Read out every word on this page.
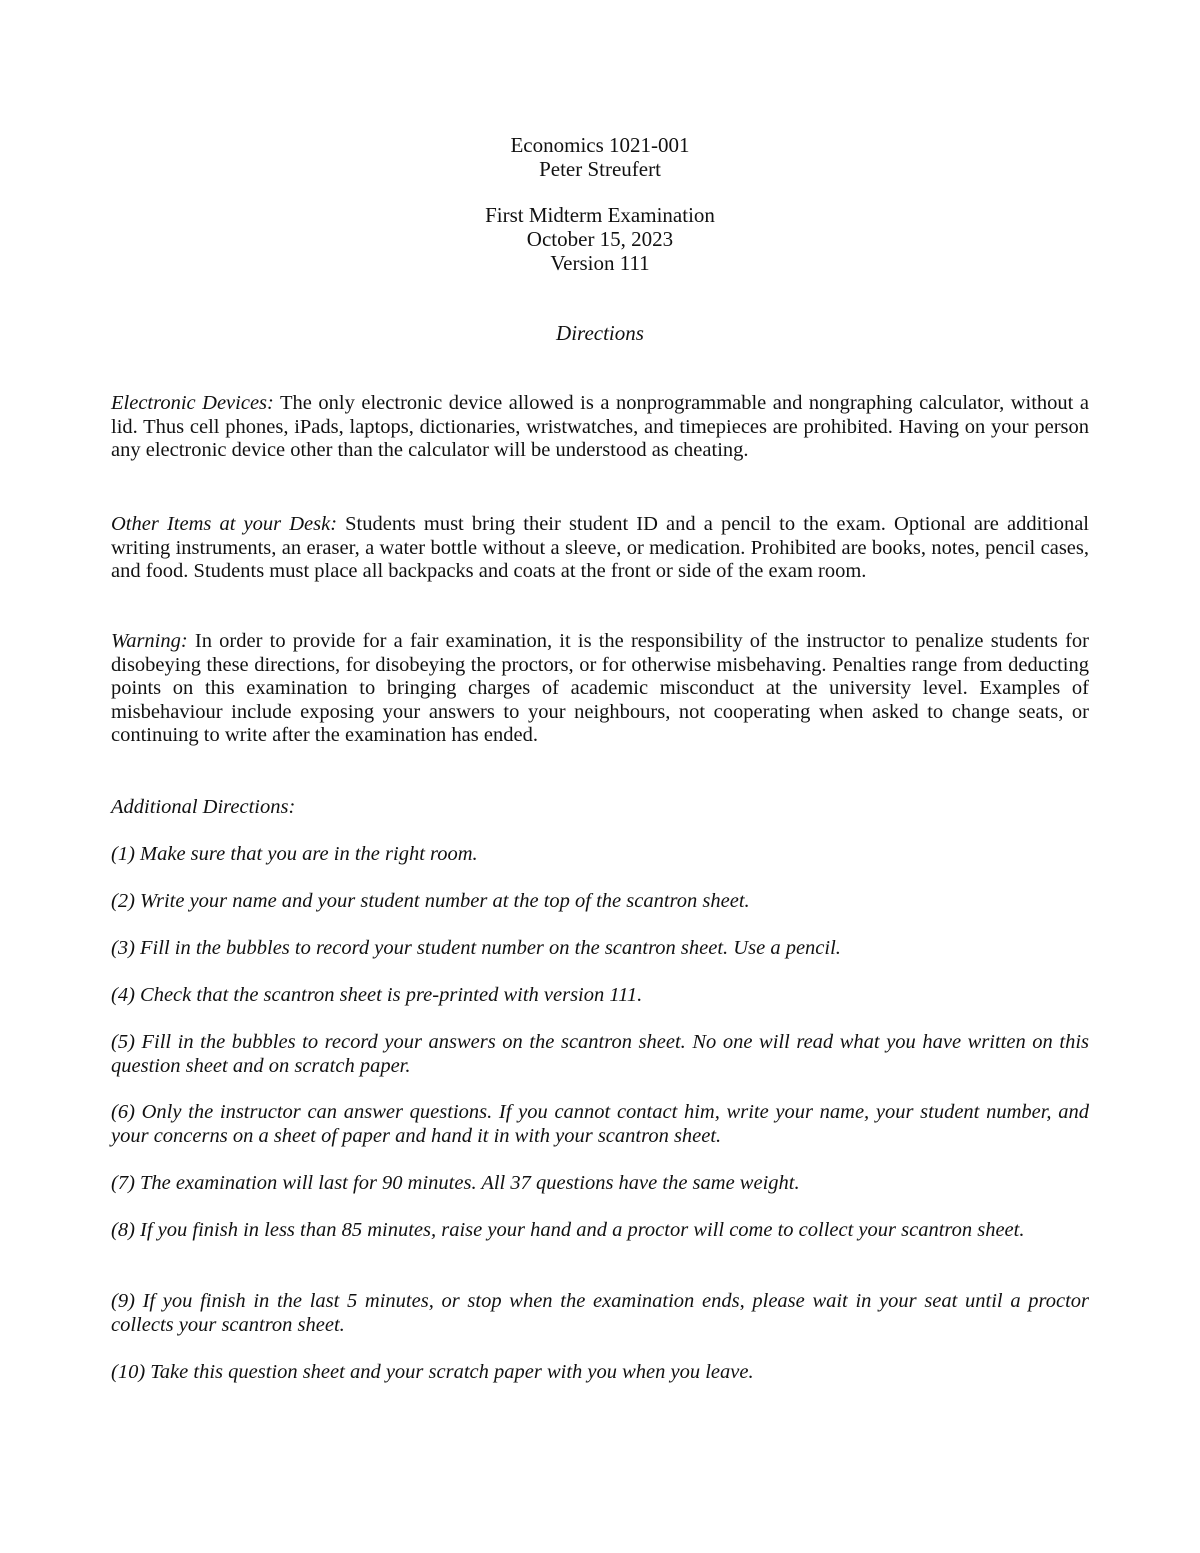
Economics 1021-001
Peter Streufert
First Midterm Examination
October 15, 2023
Version 111
Directions
Electronic Devices: The only electronic device allowed is a nonprogrammable and nongraphing calculator, without a lid. Thus cell phones, iPads, laptops, dictionaries, wristwatches, and timepieces are prohibited. Having on your person any electronic device other than the calculator will be understood as cheating.
Other Items at your Desk: Students must bring their student ID and a pencil to the exam. Optional are additional writing instruments, an eraser, a water bottle without a sleeve, or medication. Prohibited are books, notes, pencil cases, and food. Students must place all backpacks and coats at the front or side of the exam room.
Warning: In order to provide for a fair examination, it is the responsibility of the instructor to penalize students for disobeying these directions, for disobeying the proctors, or for otherwise misbehaving. Penalties range from deducting points on this examination to bringing charges of academic misconduct at the university level. Examples of misbehaviour include exposing your answers to your neighbours, not cooperating when asked to change seats, or continuing to write after the examination has ended.
Additional Directions:
(1) Make sure that you are in the right room.
(2) Write your name and your student number at the top of the scantron sheet.
(3) Fill in the bubbles to record your student number on the scantron sheet. Use a pencil.
(4) Check that the scantron sheet is pre-printed with version 111.
(5) Fill in the bubbles to record your answers on the scantron sheet. No one will read what you have written on this question sheet and on scratch paper.
(6) Only the instructor can answer questions. If you cannot contact him, write your name, your student number, and your concerns on a sheet of paper and hand it in with your scantron sheet.
(7) The examination will last for 90 minutes. All 37 questions have the same weight.
(8) If you finish in less than 85 minutes, raise your hand and a proctor will come to collect your scantron sheet.
(9) If you finish in the last 5 minutes, or stop when the examination ends, please wait in your seat until a proctor collects your scantron sheet.
(10) Take this question sheet and your scratch paper with you when you leave.
